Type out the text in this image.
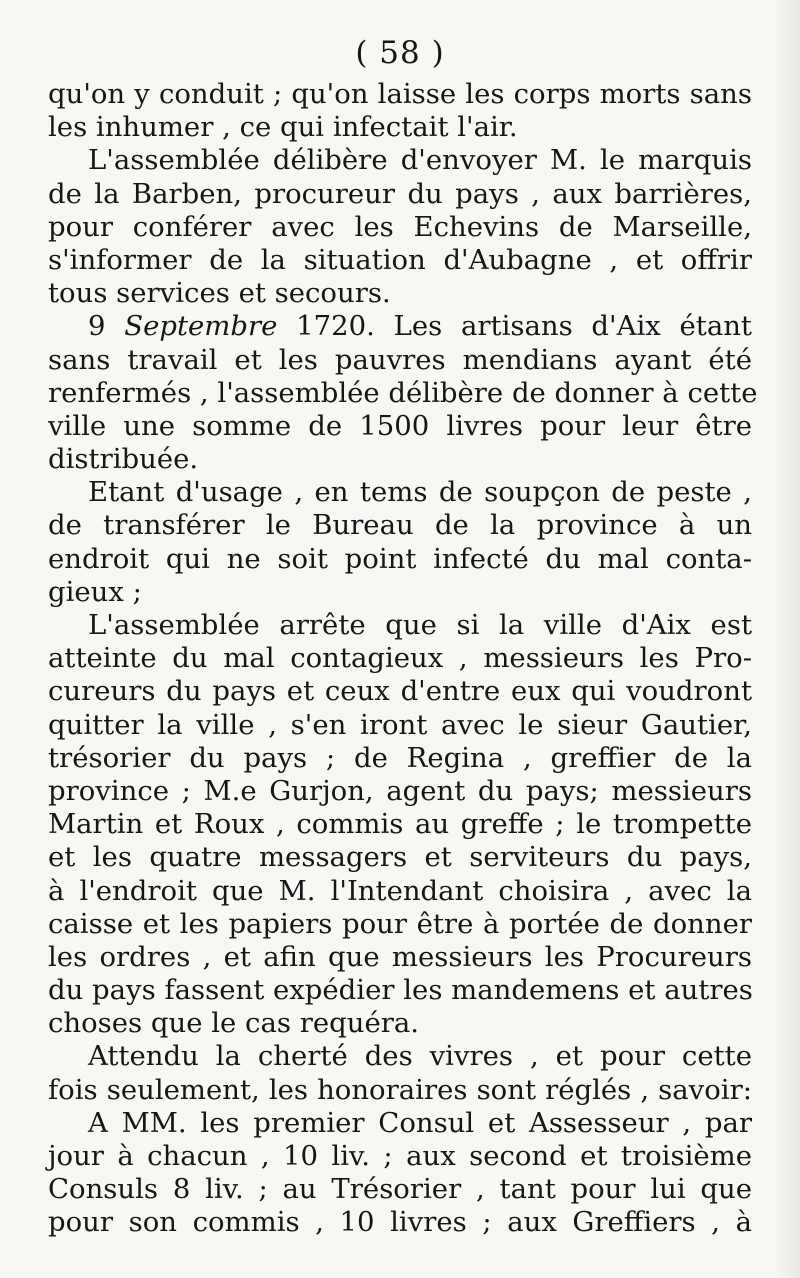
( 58 )
qu'on y conduit ; qu'on laisse les corps morts sans
les inhumer , ce qui infectait l'air.
L'assemblée délibère d'envoyer M. le marquis
de la Barben, procureur du pays , aux barrières,
pour conférer avec les Echevins de Marseille,
s'informer de la situation d'Aubagne , et offrir
tous services et secours.
9 Septembre 1720. Les artisans d'Aix étant
sans travail et les pauvres mendians ayant été
renfermés , l'assemblée délibère de donner à cette
ville une somme de 1500 livres pour leur être
distribuée.
Etant d'usage , en tems de soupçon de peste ,
de transférer le Bureau de la province à un
endroit qui ne soit point infecté du mal conta-
gieux ;
L'assemblée arrête que si la ville d'Aix est
atteinte du mal contagieux , messieurs les Pro-
cureurs du pays et ceux d'entre eux qui voudront
quitter la ville , s'en iront avec le sieur Gautier,
trésorier du pays ; de Regina , greffier de la
province ; M.e Gurjon, agent du pays; messieurs
Martin et Roux , commis au greffe ; le trompette
et les quatre messagers et serviteurs du pays,
à l'endroit que M. l'Intendant choisira , avec la
caisse et les papiers pour être à portée de donner
les ordres , et afin que messieurs les Procureurs
du pays fassent expédier les mandemens et autres
choses que le cas requéra.
Attendu la cherté des vivres , et pour cette
fois seulement, les honoraires sont réglés , savoir:
A MM. les premier Consul et Assesseur , par
jour à chacun , 10 liv. ; aux second et troisième
Consuls 8 liv. ; au Trésorier , tant pour lui que
pour son commis , 10 livres ; aux Greffiers , à
